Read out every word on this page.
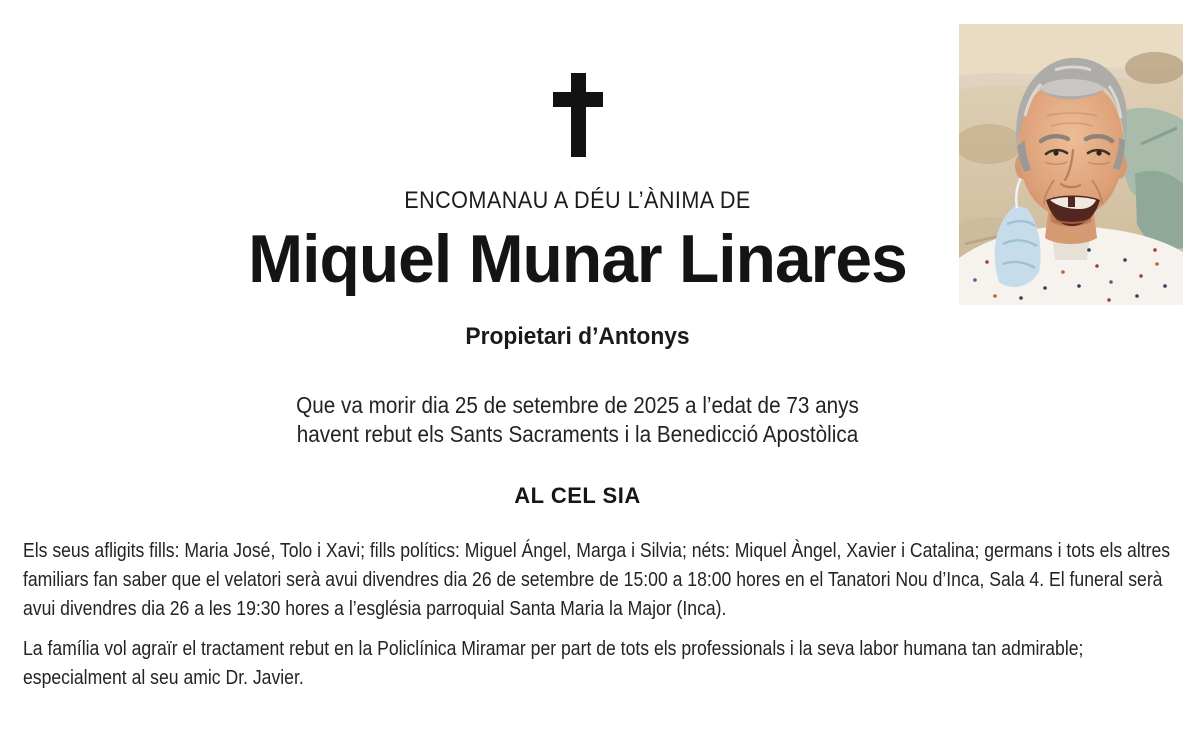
ENCOMANAU A DÉU L’ÀNIMA DE
Miquel Munar Linares
Propietari d’Antonys
Que va morir dia 25 de setembre de 2025 a l’edat de 73 anys
havent rebut els Sants Sacraments i la Benedicció Apostòlica
AL CEL SIA

Els seus afligits fills: Maria José, Tolo i Xavi; fills polítics: Miguel Ángel, Marga i Silvia; néts: Miquel Àngel, Xavier i Catalina; germans i tots els altres familiars fan saber que el velatori serà avui divendres dia 26 de setembre de 15:00 a 18:00 hores en el Tanatori Nou d’Inca, Sala 4. El funeral serà avui divendres dia 26 a les 19:30 hores a l’església parroquial Santa Maria la Major (Inca).

La família vol agraïr el tractament rebut en la Policlínica Miramar per part de tots els professionals i la seva labor humana tan admirable; especialment al seu amic Dr. Javier.
